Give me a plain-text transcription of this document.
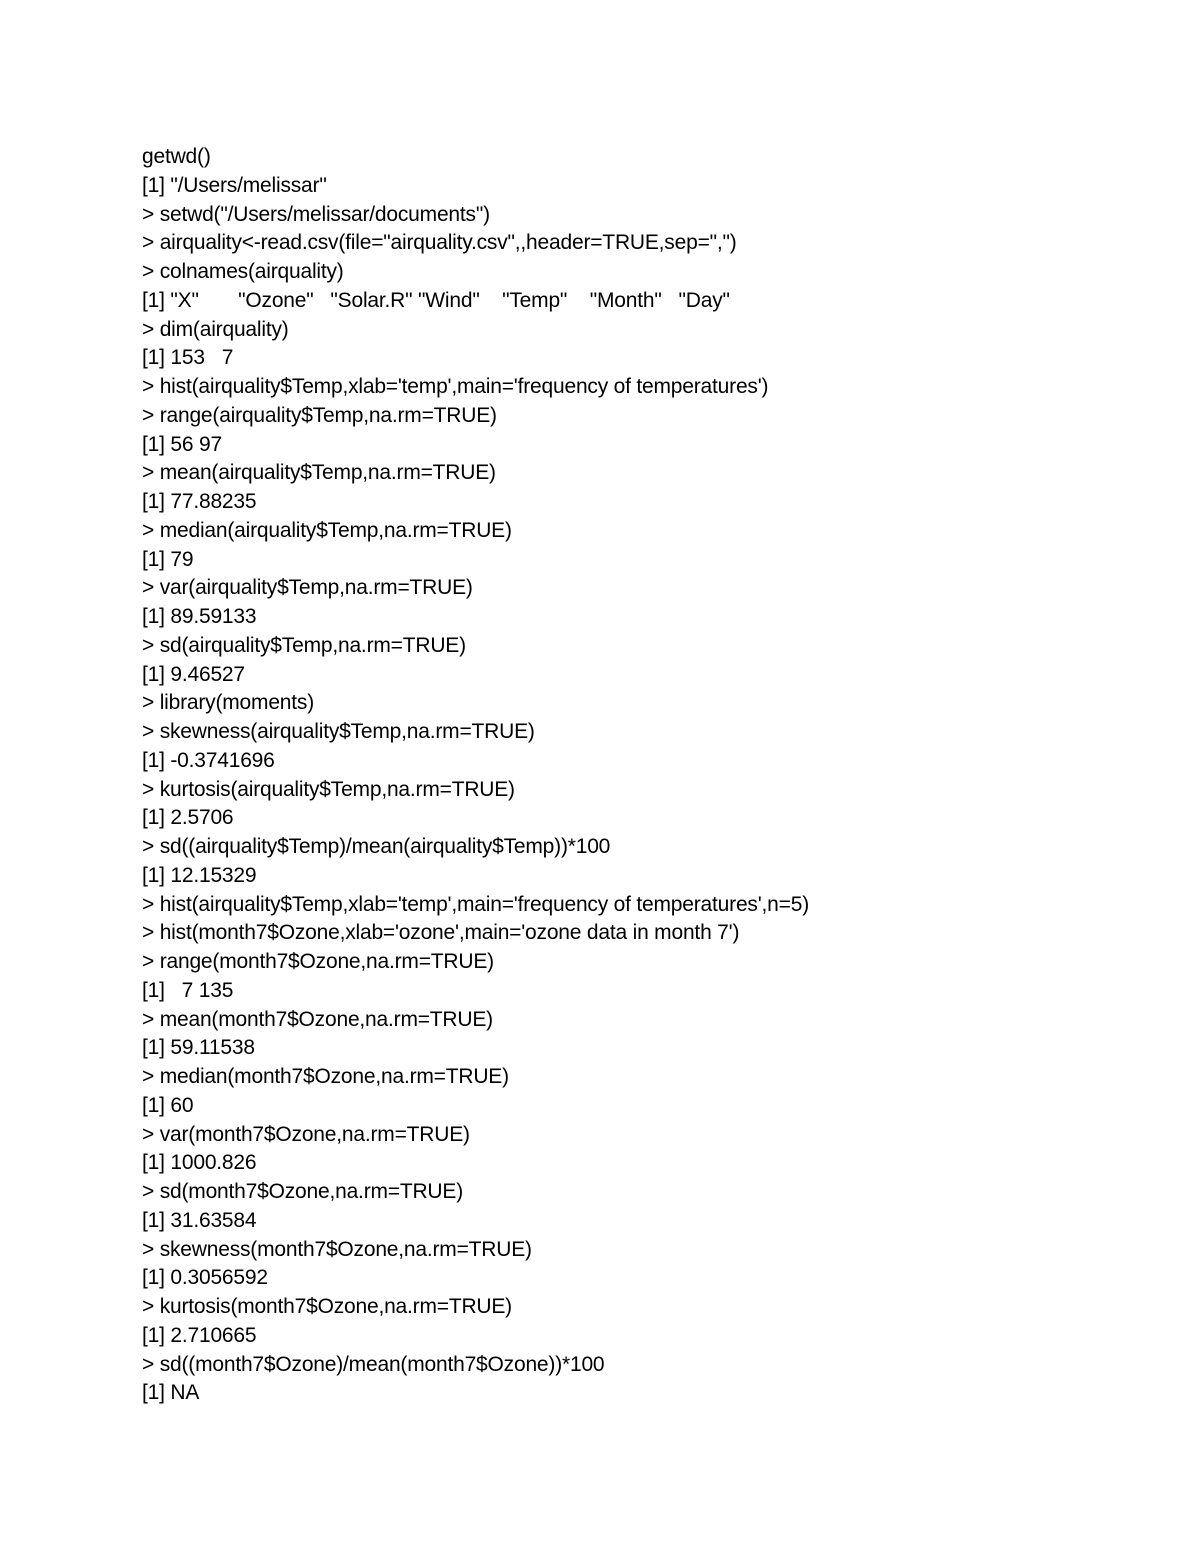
getwd()
[1] "/Users/melissar"
> setwd("/Users/melissar/documents")
> airquality<-read.csv(file="airquality.csv",,header=TRUE,sep=",")
> colnames(airquality)
[1] "X"       "Ozone"   "Solar.R" "Wind"    "Temp"    "Month"   "Day"
> dim(airquality)
[1] 153   7
> hist(airquality$Temp,xlab='temp',main='frequency of temperatures')
> range(airquality$Temp,na.rm=TRUE)
[1] 56 97
> mean(airquality$Temp,na.rm=TRUE)
[1] 77.88235
> median(airquality$Temp,na.rm=TRUE)
[1] 79
> var(airquality$Temp,na.rm=TRUE)
[1] 89.59133
> sd(airquality$Temp,na.rm=TRUE)
[1] 9.46527
> library(moments)
> skewness(airquality$Temp,na.rm=TRUE)
[1] -0.3741696
> kurtosis(airquality$Temp,na.rm=TRUE)
[1] 2.5706
> sd((airquality$Temp)/mean(airquality$Temp))*100
[1] 12.15329
> hist(airquality$Temp,xlab='temp',main='frequency of temperatures',n=5)
> hist(month7$Ozone,xlab='ozone',main='ozone data in month 7')
> range(month7$Ozone,na.rm=TRUE)
[1]   7 135
> mean(month7$Ozone,na.rm=TRUE)
[1] 59.11538
> median(month7$Ozone,na.rm=TRUE)
[1] 60
> var(month7$Ozone,na.rm=TRUE)
[1] 1000.826
> sd(month7$Ozone,na.rm=TRUE)
[1] 31.63584
> skewness(month7$Ozone,na.rm=TRUE)
[1] 0.3056592
> kurtosis(month7$Ozone,na.rm=TRUE)
[1] 2.710665
> sd((month7$Ozone)/mean(month7$Ozone))*100
[1] NA
